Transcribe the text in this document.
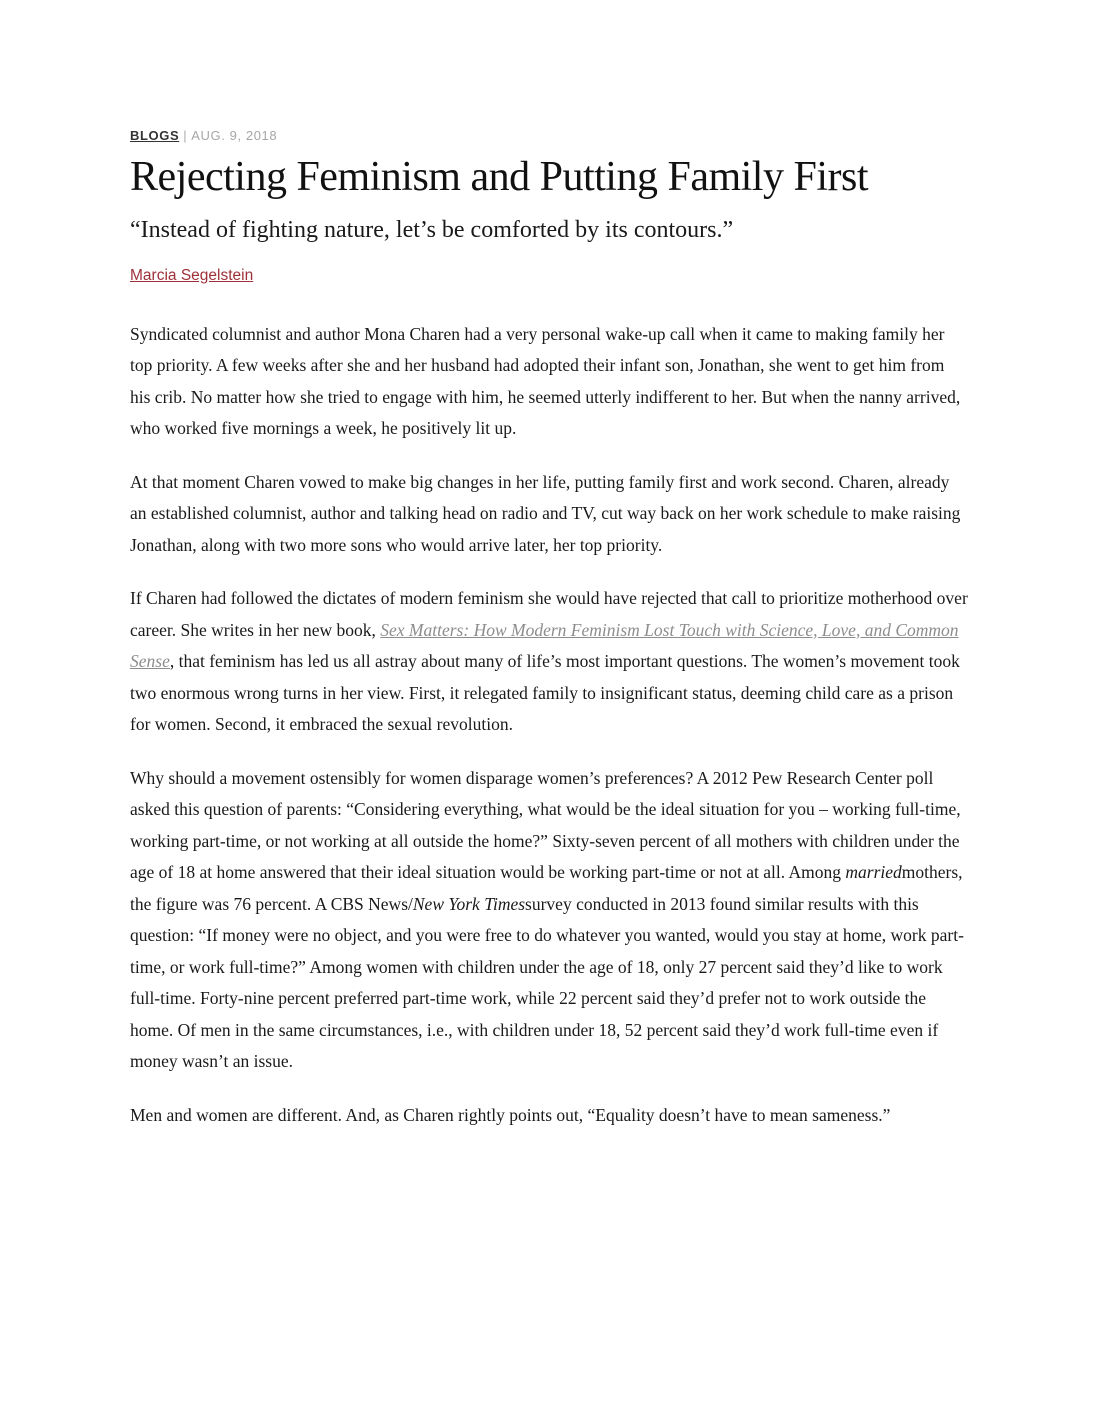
BLOGS | AUG. 9, 2018
Rejecting Feminism and Putting Family First
“Instead of fighting nature, let’s be comforted by its contours.”
Marcia Segelstein

Syndicated columnist and author Mona Charen had a very personal wake-up call when it came to making family her top priority. A few weeks after she and her husband had adopted their infant son, Jonathan, she went to get him from his crib. No matter how she tried to engage with him, he seemed utterly indifferent to her. But when the nanny arrived, who worked five mornings a week, he positively lit up.

At that moment Charen vowed to make big changes in her life, putting family first and work second. Charen, already an established columnist, author and talking head on radio and TV, cut way back on her work schedule to make raising Jonathan, along with two more sons who would arrive later, her top priority.

If Charen had followed the dictates of modern feminism she would have rejected that call to prioritize motherhood over career. She writes in her new book, Sex Matters: How Modern Feminism Lost Touch with Science, Love, and Common Sense, that feminism has led us all astray about many of life’s most important questions. The women’s movement took two enormous wrong turns in her view. First, it relegated family to insignificant status, deeming child care as a prison for women. Second, it embraced the sexual revolution.

Why should a movement ostensibly for women disparage women’s preferences? A 2012 Pew Research Center poll asked this question of parents: “Considering everything, what would be the ideal situation for you – working full-time, working part-time, or not working at all outside the home?” Sixty-seven percent of all mothers with children under the age of 18 at home answered that their ideal situation would be working part-time or not at all. Among marriedmothers, the figure was 76 percent. A CBS News/New York Timessurvey conducted in 2013 found similar results with this question: “If money were no object, and you were free to do whatever you wanted, would you stay at home, work part-time, or work full-time?” Among women with children under the age of 18, only 27 percent said they’d like to work full-time. Forty-nine percent preferred part-time work, while 22 percent said they’d prefer not to work outside the home. Of men in the same circumstances, i.e., with children under 18, 52 percent said they’d work full-time even if money wasn’t an issue.

Men and women are different. And, as Charen rightly points out, “Equality doesn’t have to mean sameness.”
